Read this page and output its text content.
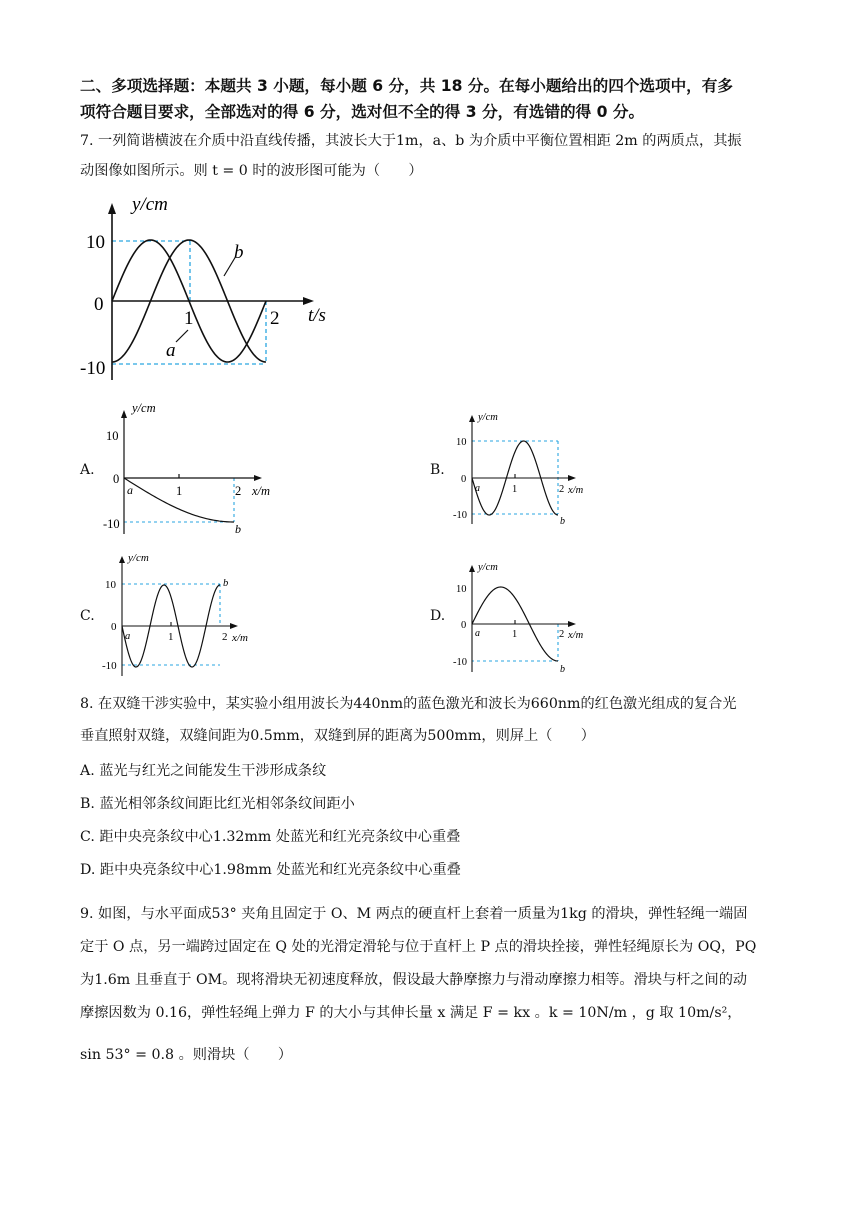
二、多项选择题：本题共 3 小题，每小题 6 分，共 18 分。在每小题给出的四个选项中，有多
项符合题目要求，全部选对的得 6 分，选对但不全的得 3 分，有选错的得 0 分。
7. 一列简谐横波在介质中沿直线传播，其波长大于1m，a、b 为介质中平衡位置相距 2m 的两质点，其振
动图像如图所示。则 t = 0 时的波形图可能为（　　）
y/cm
t/s
10
0
-10
1	2
b
a
A.
y/cm
x/m
10
0
-10
1	2
a
b
B.
y/cm
x/m
10
0
-10
1	2
a
b
C.
y/cm
x/m
10
0
-10
1	2
a
b
D.
y/cm
x/m
10
0
-10
1	2
a
b
8. 在双缝干涉实验中，某实验小组用波长为440nm的蓝色激光和波长为660nm的红色激光组成的复合光
垂直照射双缝，双缝间距为0.5mm，双缝到屏的距离为500mm，则屏上（　　）
A. 蓝光与红光之间能发生干涉形成条纹
B. 蓝光相邻条纹间距比红光相邻条纹间距小
C. 距中央亮条纹中心1.32mm 处蓝光和红光亮条纹中心重叠
D. 距中央亮条纹中心1.98mm 处蓝光和红光亮条纹中心重叠
9. 如图，与水平面成53° 夹角且固定于 O、M 两点的硬直杆上套着一质量为1kg 的滑块，弹性轻绳一端固
定于 O 点，另一端跨过固定在 Q 处的光滑定滑轮与位于直杆上 P 点的滑块拴接，弹性轻绳原长为 OQ，PQ
为1.6m 且垂直于 OM。现将滑块无初速度释放，假设最大静摩擦力与滑动摩擦力相等。滑块与杆之间的动
摩擦因数为 0.16，弹性轻绳上弹力 F 的大小与其伸长量 x 满足 F = kx 。k = 10N/m ，g 取 10m/s²，
sin 53° = 0.8 。则滑块（　　）
